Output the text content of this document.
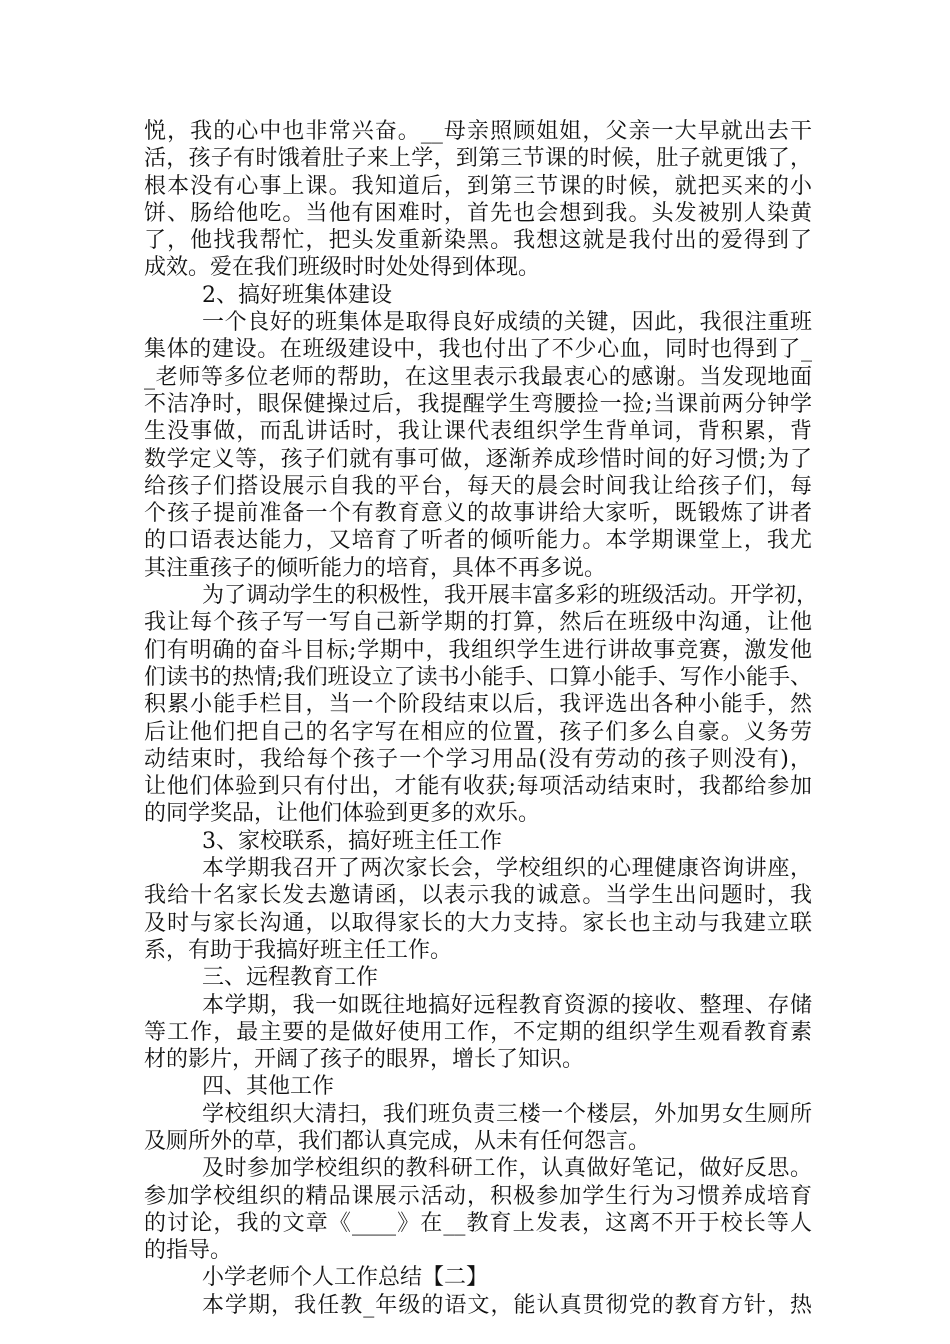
悦，我的心中也非常兴奋。__母亲照顾姐姐，父亲一大早就出去干
活，孩子有时饿着肚子来上学，到第三节课的时候，肚子就更饿了，
根本没有心事上课。我知道后，到第三节课的时候，就把买来的小
饼、肠给他吃。当他有困难时，首先也会想到我。头发被别人染黄
了，他找我帮忙，把头发重新染黑。我想这就是我付出的爱得到了
成效。爱在我们班级时时处处得到体现。
2、搞好班集体建设
一个良好的班集体是取得良好成绩的关键，因此，我很注重班
集体的建设。在班级建设中，我也付出了不少心血，同时也得到了_
_老师等多位老师的帮助，在这里表示我最衷心的感谢。当发现地面
不洁净时，眼保健操过后，我提醒学生弯腰捡一捡;当课前两分钟学
生没事做，而乱讲话时，我让课代表组织学生背单词，背积累，背
数学定义等，孩子们就有事可做，逐渐养成珍惜时间的好习惯;为了
给孩子们搭设展示自我的平台，每天的晨会时间我让给孩子们，每
个孩子提前准备一个有教育意义的故事讲给大家听，既锻炼了讲者
的口语表达能力，又培育了听者的倾听能力。本学期课堂上，我尤
其注重孩子的倾听能力的培育，具体不再多说。
为了调动学生的积极性，我开展丰富多彩的班级活动。开学初，
我让每个孩子写一写自己新学期的打算，然后在班级中沟通，让他
们有明确的奋斗目标;学期中，我组织学生进行讲故事竞赛，激发他
们读书的热情;我们班设立了读书小能手、口算小能手、写作小能手、
积累小能手栏目，当一个阶段结束以后，我评选出各种小能手，然
后让他们把自己的名字写在相应的位置，孩子们多么自豪。义务劳
动结束时，我给每个孩子一个学习用品(没有劳动的孩子则没有)，
让他们体验到只有付出，才能有收获;每项活动结束时，我都给参加
的同学奖品，让他们体验到更多的欢乐。
3、家校联系，搞好班主任工作
本学期我召开了两次家长会，学校组织的心理健康咨询讲座，
我给十名家长发去邀请函，以表示我的诚意。当学生出问题时，我
及时与家长沟通，以取得家长的大力支持。家长也主动与我建立联
系，有助于我搞好班主任工作。
三、远程教育工作
本学期，我一如既往地搞好远程教育资源的接收、整理、存储
等工作，最主要的是做好使用工作，不定期的组织学生观看教育素
材的影片，开阔了孩子的眼界，增长了知识。
四、其他工作
学校组织大清扫，我们班负责三楼一个楼层，外加男女生厕所
及厕所外的草，我们都认真完成，从未有任何怨言。
及时参加学校组织的教科研工作，认真做好笔记，做好反思。
参加学校组织的精品课展示活动，积极参加学生行为习惯养成培育
的讨论，我的文章《____》在__教育上发表，这离不开于校长等人
的指导。
小学老师个人工作总结【二】
本学期，我任教_年级的语文，能认真贯彻党的教育方针，热
